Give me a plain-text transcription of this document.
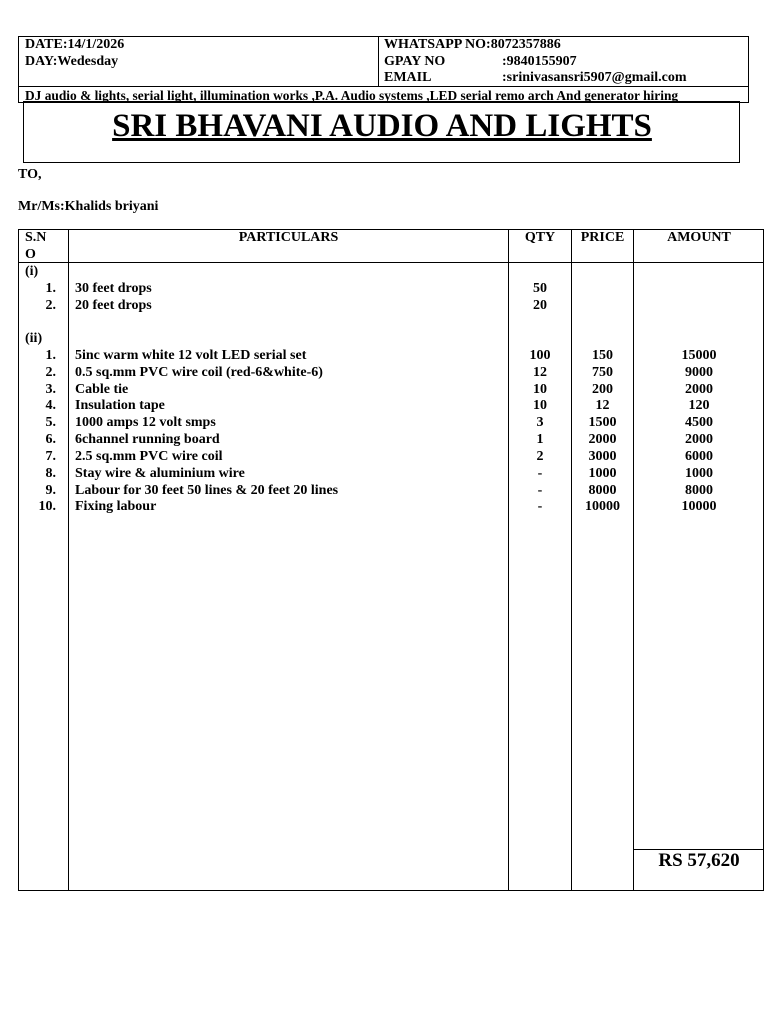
DATE:14/1/2026
DAY:Wedesday
WHATSAPP NO:8072357886
GPAY NO	:9840155907
EMAIL	:srinivasansri5907@gmail.com
DJ audio & lights, serial light, illumination works ,P.A. Audio systems ,LED serial remo arch And generator hiring
SRI BHAVANI AUDIO AND LIGHTS
TO,
Mr/Ms:Khalids briyani
S.N
O
PARTICULARS	QTY	PRICE	AMOUNT
(i)
1. 30 feet drops	50
2. 20 feet drops	20
(ii)
1. 5inc warm white 12 volt LED serial set	100	150	15000
2. 0.5 sq.mm PVC wire coil (red-6&white-6)	12	750	9000
3. Cable tie	10	200	2000
4. Insulation tape	10	12	120
5. 1000 amps 12 volt smps	3	1500	4500
6. 6channel running board	1	2000	2000
7. 2.5 sq.mm PVC wire coil	2	3000	6000
8. Stay wire & aluminium wire	-	1000	1000
9. Labour for 30 feet 50 lines & 20 feet 20 lines	-	8000	8000
10. Fixing labour	-	10000	10000
RS 57,620
